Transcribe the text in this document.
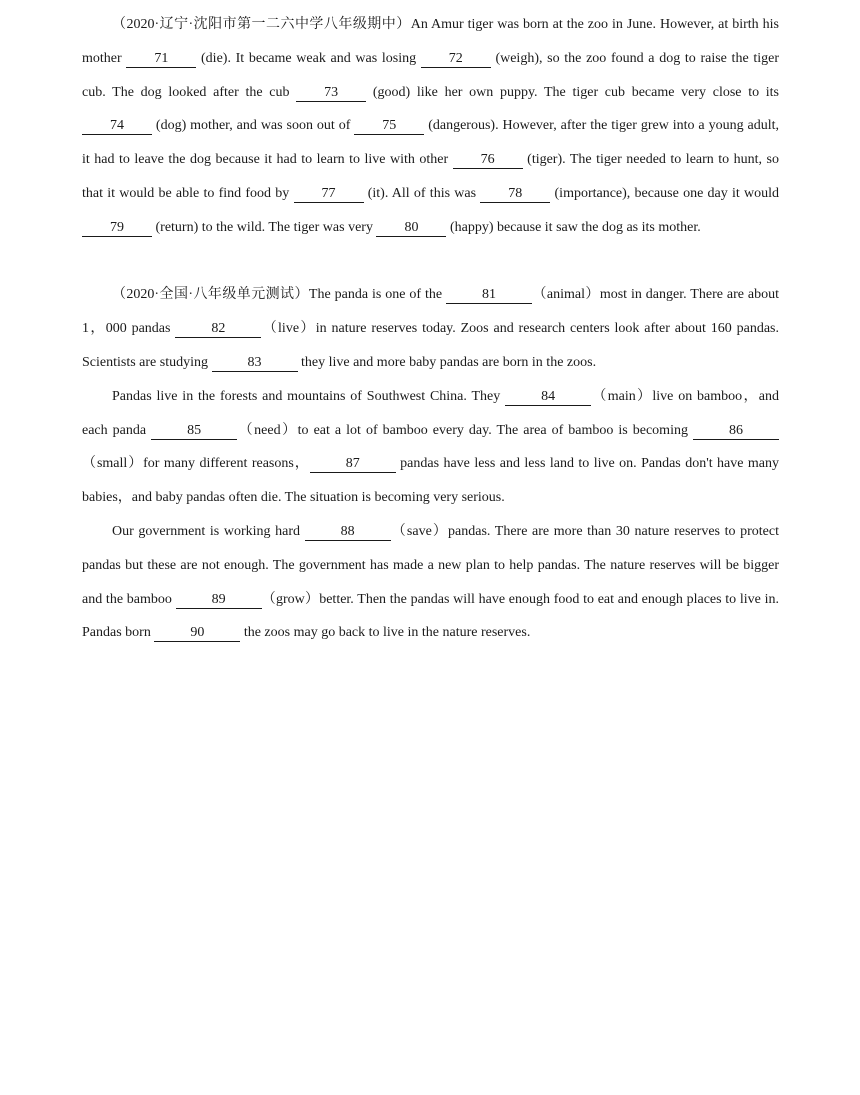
（2020·辽宁·沈阳市第一二六中学八年级期中）An Amur tiger was born at the zoo in June. However, at birth his mother 71 (die). It became weak and was losing 72 (weigh), so the zoo found a dog to raise the tiger cub. The dog looked after the cub 73 (good) like her own puppy. The tiger cub became very close to its 74 (dog) mother, and was soon out of 75 (dangerous). However, after the tiger grew into a young adult, it had to leave the dog because it had to learn to live with other 76 (tiger). The tiger needed to learn to hunt, so that it would be able to find food by 77 (it). All of this was 78 (importance), because one day it would 79 (return) to the wild. The tiger was very 80 (happy) because it saw the dog as its mother.

（2020·全国·八年级单元测试）The panda is one of the	81	（animal）most in danger. There are about 1，000 pandas	82	（live）in nature reserves today. Zoos and research centers look after about 160 pandas. Scientists are studying	83	they live and more baby pandas are born in the zoos.

Pandas live in the forests and mountains of Southwest China. They	84	（main）live on bamboo，and each panda	85	（need）to eat a lot of bamboo every day. The area of bamboo is becoming	86（small）for many different reasons，	87	pandas have less and less land to live on. Pandas don't have many babies，and baby pandas often die. The situation is becoming very serious.

Our government is working hard	88	（save）pandas. There are more than 30 nature reserves to protect pandas but these are not enough. The government has made a new plan to help pandas. The nature reserves will be bigger and the bamboo	89	（grow）better. Then the pandas will have enough food to eat and enough places to live in. Pandas born	90	the zoos may go back to live in the nature reserves.
